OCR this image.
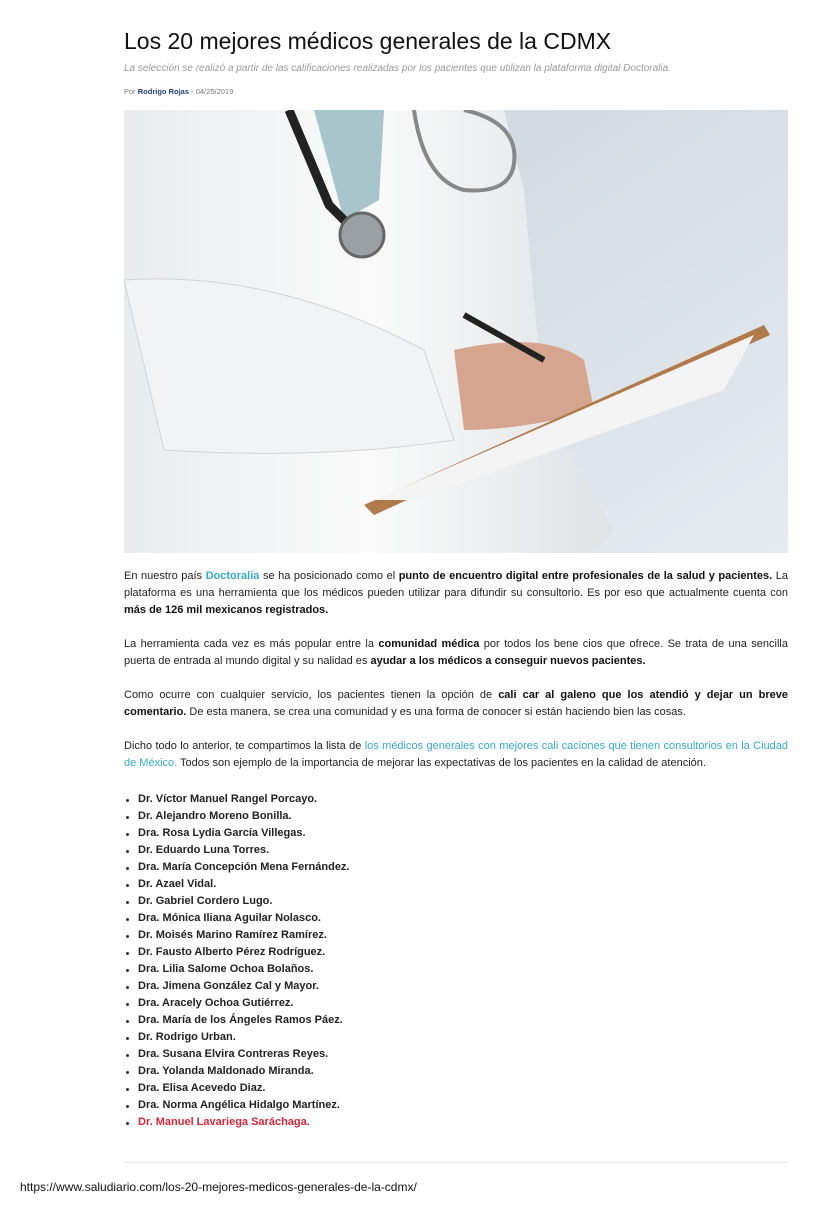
Los 20 mejores médicos generales de la CDMX
La selección se realizó a partir de las calificaciones realizadas por los pacientes que utilizan la plataforma digital Doctoralia.
Por Rodrigo Rojas - 04/25/2019

En nuestro país Doctoralia se ha posicionado como el punto de encuentro digital entre profesionales de la salud y pacientes. La plataforma es una herramienta que los médicos pueden utilizar para difundir su consultorio. Es por eso que actualmente cuenta con más de 126 mil mexicanos registrados.

La herramienta cada vez es más popular entre la comunidad médica por todos los bene cios que ofrece. Se trata de una sencilla puerta de entrada al mundo digital y su nalidad es ayudar a los médicos a conseguir nuevos pacientes.

Como ocurre con cualquier servicio, los pacientes tienen la opción de cali car al galeno que los atendió y dejar un breve comentario. De esta manera, se crea una comunidad y es una forma de conocer si están haciendo bien las cosas.

Dicho todo lo anterior, te compartimos la lista de los médicos generales con mejores cali caciones que tienen consultorios en la Ciudad de México. Todos son ejemplo de la importancia de mejorar las expectativas de los pacientes en la calidad de atención.

Dr. Víctor Manuel Rangel Porcayo.
Dr. Alejandro Moreno Bonilla.
Dra. Rosa Lydia García Villegas.
Dr. Eduardo Luna Torres.
Dra. María Concepción Mena Fernández.
Dr. Azael Vidal.
Dr. Gabriel Cordero Lugo.
Dra. Mónica Iliana Aguilar Nolasco.
Dr. Moisés Marino Ramírez Ramírez.
Dr. Fausto Alberto Pérez Rodríguez.
Dra. Lilia Salome Ochoa Bolaños.
Dra. Jimena González Cal y Mayor.
Dra. Aracely Ochoa Gutiérrez.
Dra. María de los Ángeles Ramos Páez.
Dr. Rodrigo Urban.
Dra. Susana Elvira Contreras Reyes.
Dra. Yolanda Maldonado Miranda.
Dra. Elisa Acevedo Diaz.
Dra. Norma Angélica Hidalgo Martínez.
Dr. Manuel Lavariega Saráchaga.
https://www.saludiario.com/los-20-mejores-medicos-generales-de-la-cdmx/
